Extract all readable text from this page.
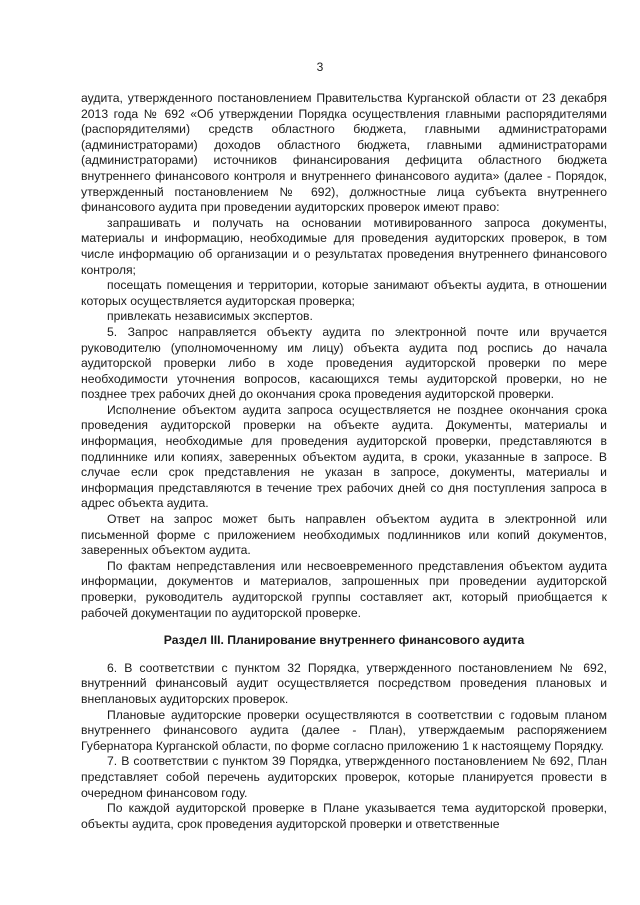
3

аудита, утвержденного постановлением Правительства Курганской области от 23 декабря 2013 года № 692 «Об утверждении Порядка осуществления главными распорядителями (распорядителями) средств областного бюджета, главными администраторами (администраторами) доходов областного бюджета, главными администраторами (администраторами) источников финансирования дефицита областного бюджета внутреннего финансового контроля и внутреннего финансового аудита» (далее - Порядок, утвержденный постановлением № 692), должностные лица субъекта внутреннего финансового аудита при проведении аудиторских проверок имеют право:

запрашивать и получать на основании мотивированного запроса документы, материалы и информацию, необходимые для проведения аудиторских проверок, в том числе информацию об организации и о результатах проведения внутреннего финансового контроля;

посещать помещения и территории, которые занимают объекты аудита, в отношении которых осуществляется аудиторская проверка;

привлекать независимых экспертов.

5. Запрос направляется объекту аудита по электронной почте или вручается руководителю (уполномоченному им лицу) объекта аудита под роспись до начала аудиторской проверки либо в ходе проведения аудиторской проверки по мере необходимости уточнения вопросов, касающихся темы аудиторской проверки, но не позднее трех рабочих дней до окончания срока проведения аудиторской проверки.

Исполнение объектом аудита запроса осуществляется не позднее окончания срока проведения аудиторской проверки на объекте аудита. Документы, материалы и информация, необходимые для проведения аудиторской проверки, представляются в подлиннике или копиях, заверенных объектом аудита, в сроки, указанные в запросе. В случае если срок представления не указан в запросе, документы, материалы и информация представляются в течение трех рабочих дней со дня поступления запроса в адрес объекта аудита.

Ответ на запрос может быть направлен объектом аудита в электронной или письменной форме с приложением необходимых подлинников или копий документов, заверенных объектом аудита.

По фактам непредставления или несвоевременного представления объектом аудита информации, документов и материалов, запрошенных при проведении аудиторской проверки, руководитель аудиторской группы составляет акт, который приобщается к рабочей документации по аудиторской проверке.

Раздел III. Планирование внутреннего финансового аудита

6. В соответствии с пунктом 32 Порядка, утвержденного постановлением № 692, внутренний финансовый аудит осуществляется посредством проведения плановых и внеплановых аудиторских проверок.

Плановые аудиторские проверки осуществляются в соответствии с годовым планом внутреннего финансового аудита (далее - План), утверждаемым распоряжением Губернатора Курганской области, по форме согласно приложению 1 к настоящему Порядку.

7. В соответствии с пунктом 39 Порядка, утвержденного постановлением № 692, План представляет собой перечень аудиторских проверок, которые планируется провести в очередном финансовом году.

По каждой аудиторской проверке в Плане указывается тема аудиторской проверки, объекты аудита, срок проведения аудиторской проверки и ответственные
